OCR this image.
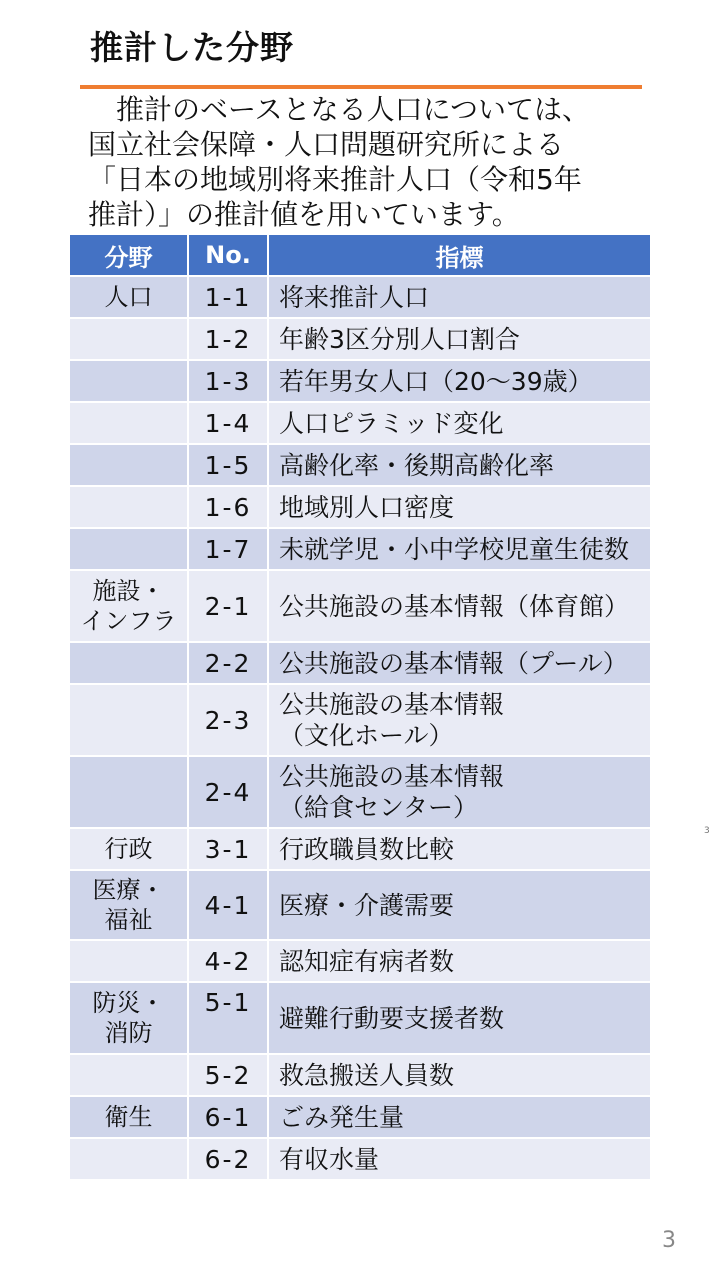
推計した分野

　推計のベースとなる人口については、
国立社会保障・人口問題研究所による
「日本の地域別将来推計人口（令和5年
推計）」の推計値を用いています。

分野	No.	指標

人口	1-1	将来推計人口

	1-2	年齢3区分別人口割合

	1-3	若年男女人口（20～39歳）

	1-4	人口ピラミッド変化

	1-5	高齢化率・後期高齢化率

	1-6	地域別人口密度

	1-7	未就学児・小中学校児童生徒数

施設・
インフラ	2-1	公共施設の基本情報（体育館）

	2-2	公共施設の基本情報（プール）

	2-3	公共施設の基本情報
（文化ホール）

	2-4	公共施設の基本情報
（給食センター）

行政	3-1	行政職員数比較

医療・
福祉	4-1	医療・介護需要

	4-2	認知症有病者数

防災・
消防	5-1	避難行動要支援者数

	5-2	救急搬送人員数

衛生	6-1	ごみ発生量

	6-2	有収水量
3
3
